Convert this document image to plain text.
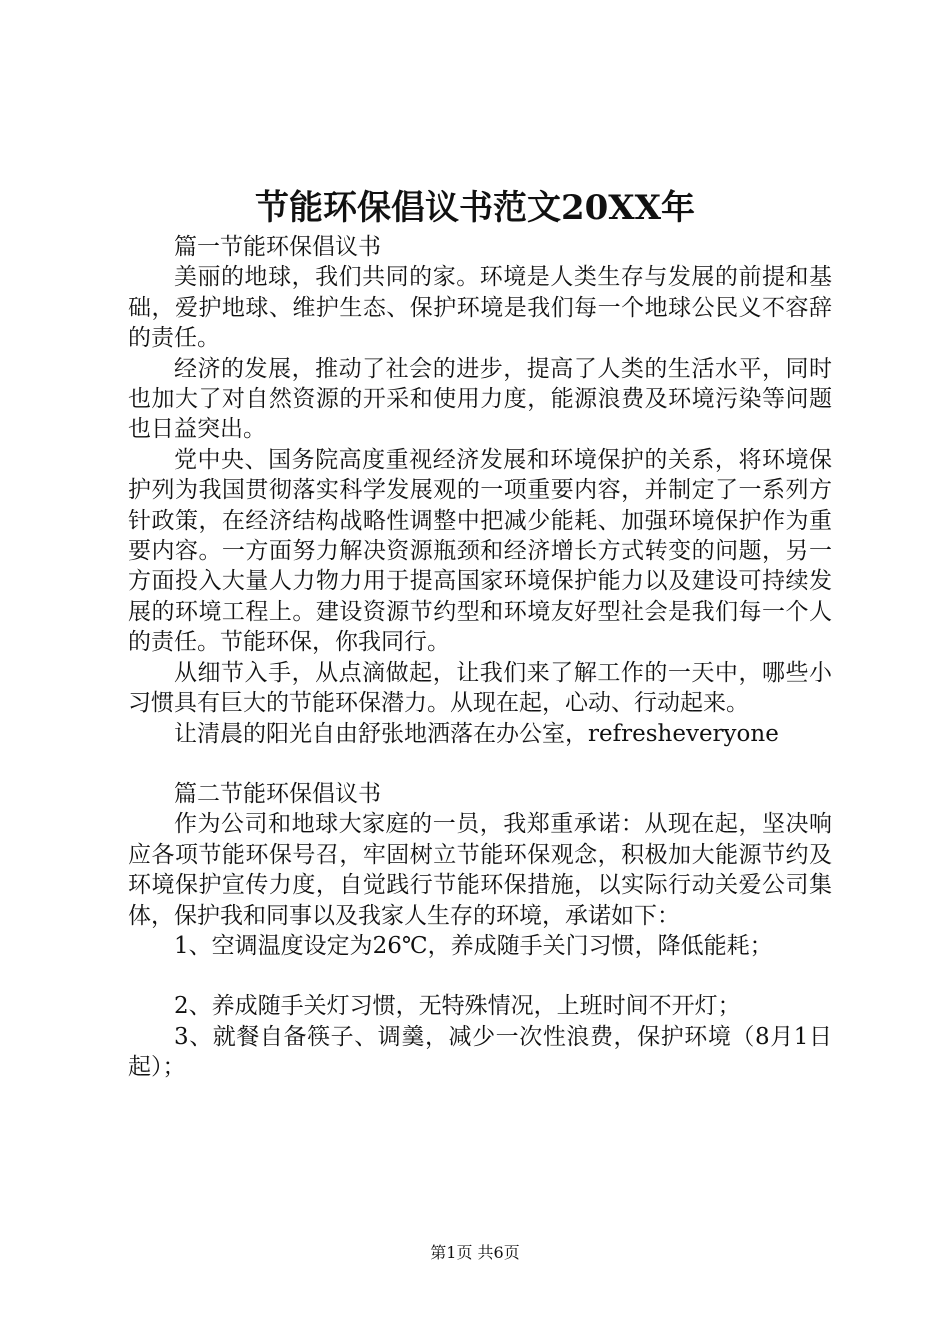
节能环保倡议书范文20XX年

篇一节能环保倡议书

美丽的地球，我们共同的家。环境是人类生存与发展的前提和基础，爱护地球、维护生态、保护环境是我们每一个地球公民义不容辞的责任。

经济的发展，推动了社会的进步，提高了人类的生活水平，同时也加大了对自然资源的开采和使用力度，能源浪费及环境污染等问题也日益突出。

党中央、国务院高度重视经济发展和环境保护的关系，将环境保护列为我国贯彻落实科学发展观的一项重要内容，并制定了一系列方针政策，在经济结构战略性调整中把减少能耗、加强环境保护作为重要内容。一方面努力解决资源瓶颈和经济增长方式转变的问题，另一方面投入大量人力物力用于提高国家环境保护能力以及建设可持续发展的环境工程上。建设资源节约型和环境友好型社会是我们每一个人的责任。节能环保，你我同行。

从细节入手，从点滴做起，让我们来了解工作的一天中，哪些小习惯具有巨大的节能环保潜力。从现在起，心动、行动起来。

让清晨的阳光自由舒张地洒落在办公室，refresheveryone

篇二节能环保倡议书

作为公司和地球大家庭的一员，我郑重承诺：从现在起，坚决响应各项节能环保号召，牢固树立节能环保观念，积极加大能源节约及环境保护宣传力度，自觉践行节能环保措施，以实际行动关爱公司集体，保护我和同事以及我家人生存的环境，承诺如下：

1、空调温度设定为26℃，养成随手关门习惯，降低能耗；

2、养成随手关灯习惯，无特殊情况，上班时间不开灯；

3、就餐自备筷子、调羹，减少一次性浪费，保护环境（8月1日起）；

第1页 共6页
